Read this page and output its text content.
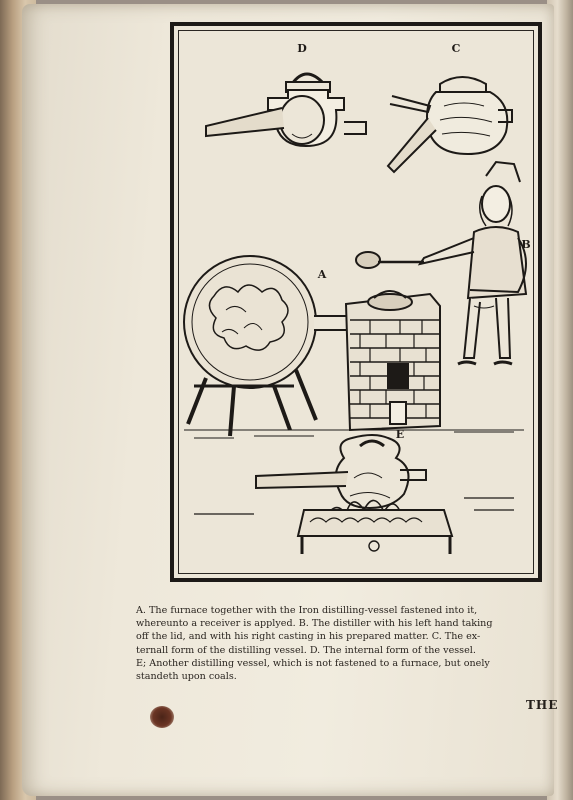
D	C
A
B
E
A. The furnace together with the Iron distilling-vessel fastened into it,
whereunto a receiver is applyed. B. The distiller with his left hand taking
off the lid, and with his right casting in his prepared matter. C. The ex-
ternall form of the distilling vessel. D. The internal form of the vessel.
E; Another distilling vessel, which is not fastened to a furnace, but onely
standeth upon coals.
THE
